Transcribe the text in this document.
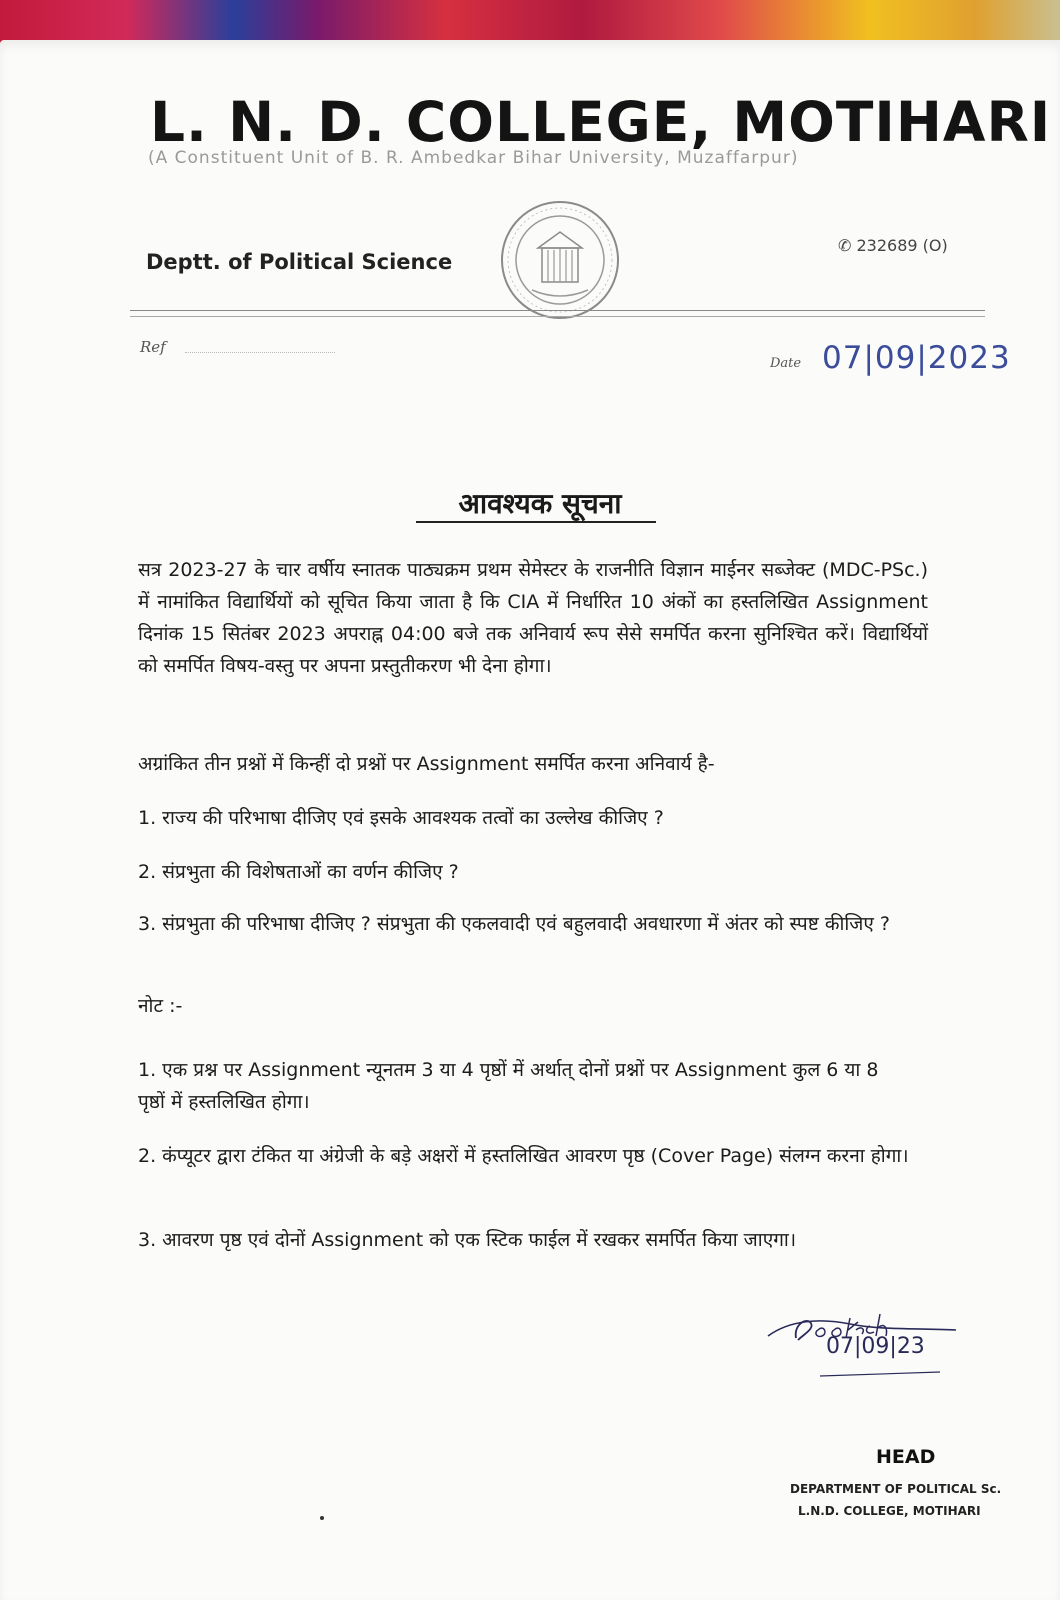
L. N. D. COLLEGE, MOTIHARI
(A Constituent Unit of B. R. Ambedkar Bihar University, Muzaffarpur)
✆ 232689 (O)
Deptt. of Political Science
Ref
Date 07|09|2023
आवश्यक सूचना
सत्र 2023-27 के चार वर्षीय स्नातक पाठ्यक्रम प्रथम सेमेस्टर के राजनीति विज्ञान माईनर सब्जेक्ट (MDC-PSc.) में नामांकित विद्यार्थियों को सूचित किया जाता है कि CIA में निर्धारित 10 अंकों का हस्तलिखित Assignment दिनांक 15 सितंबर 2023 अपराह्न 04:00 बजे तक अनिवार्य रूप सेसे समर्पित करना सुनिश्चित करें। विद्यार्थियों को समर्पित विषय-वस्तु पर अपना प्रस्तुतीकरण भी देना होगा।
अग्रांकित तीन प्रश्नों में किन्हीं दो प्रश्नों पर Assignment समर्पित करना अनिवार्य है-
1. राज्य की परिभाषा दीजिए एवं इसके आवश्यक तत्वों का उल्लेख कीजिए ?
2. संप्रभुता की विशेषताओं का वर्णन कीजिए ?
3. संप्रभुता की परिभाषा दीजिए ? संप्रभुता की एकलवादी एवं बहुलवादी अवधारणा में अंतर को स्पष्ट कीजिए ?
नोट :-
1. एक प्रश्न पर Assignment न्यूनतम 3 या 4 पृष्ठों में अर्थात् दोनों प्रश्नों पर Assignment कुल 6 या 8 पृष्ठों में हस्तलिखित होगा।
2. कंप्यूटर द्वारा टंकित या अंग्रेजी के बड़े अक्षरों में हस्तलिखित आवरण पृष्ठ (Cover Page) संलग्न करना होगा।
3. आवरण पृष्ठ एवं दोनों Assignment को एक स्टिक फाईल में रखकर समर्पित किया जाएगा।
07|09|23
HEAD
DEPARTMENT OF POLITICAL Sc.
L.N.D. COLLEGE, MOTIHARI
